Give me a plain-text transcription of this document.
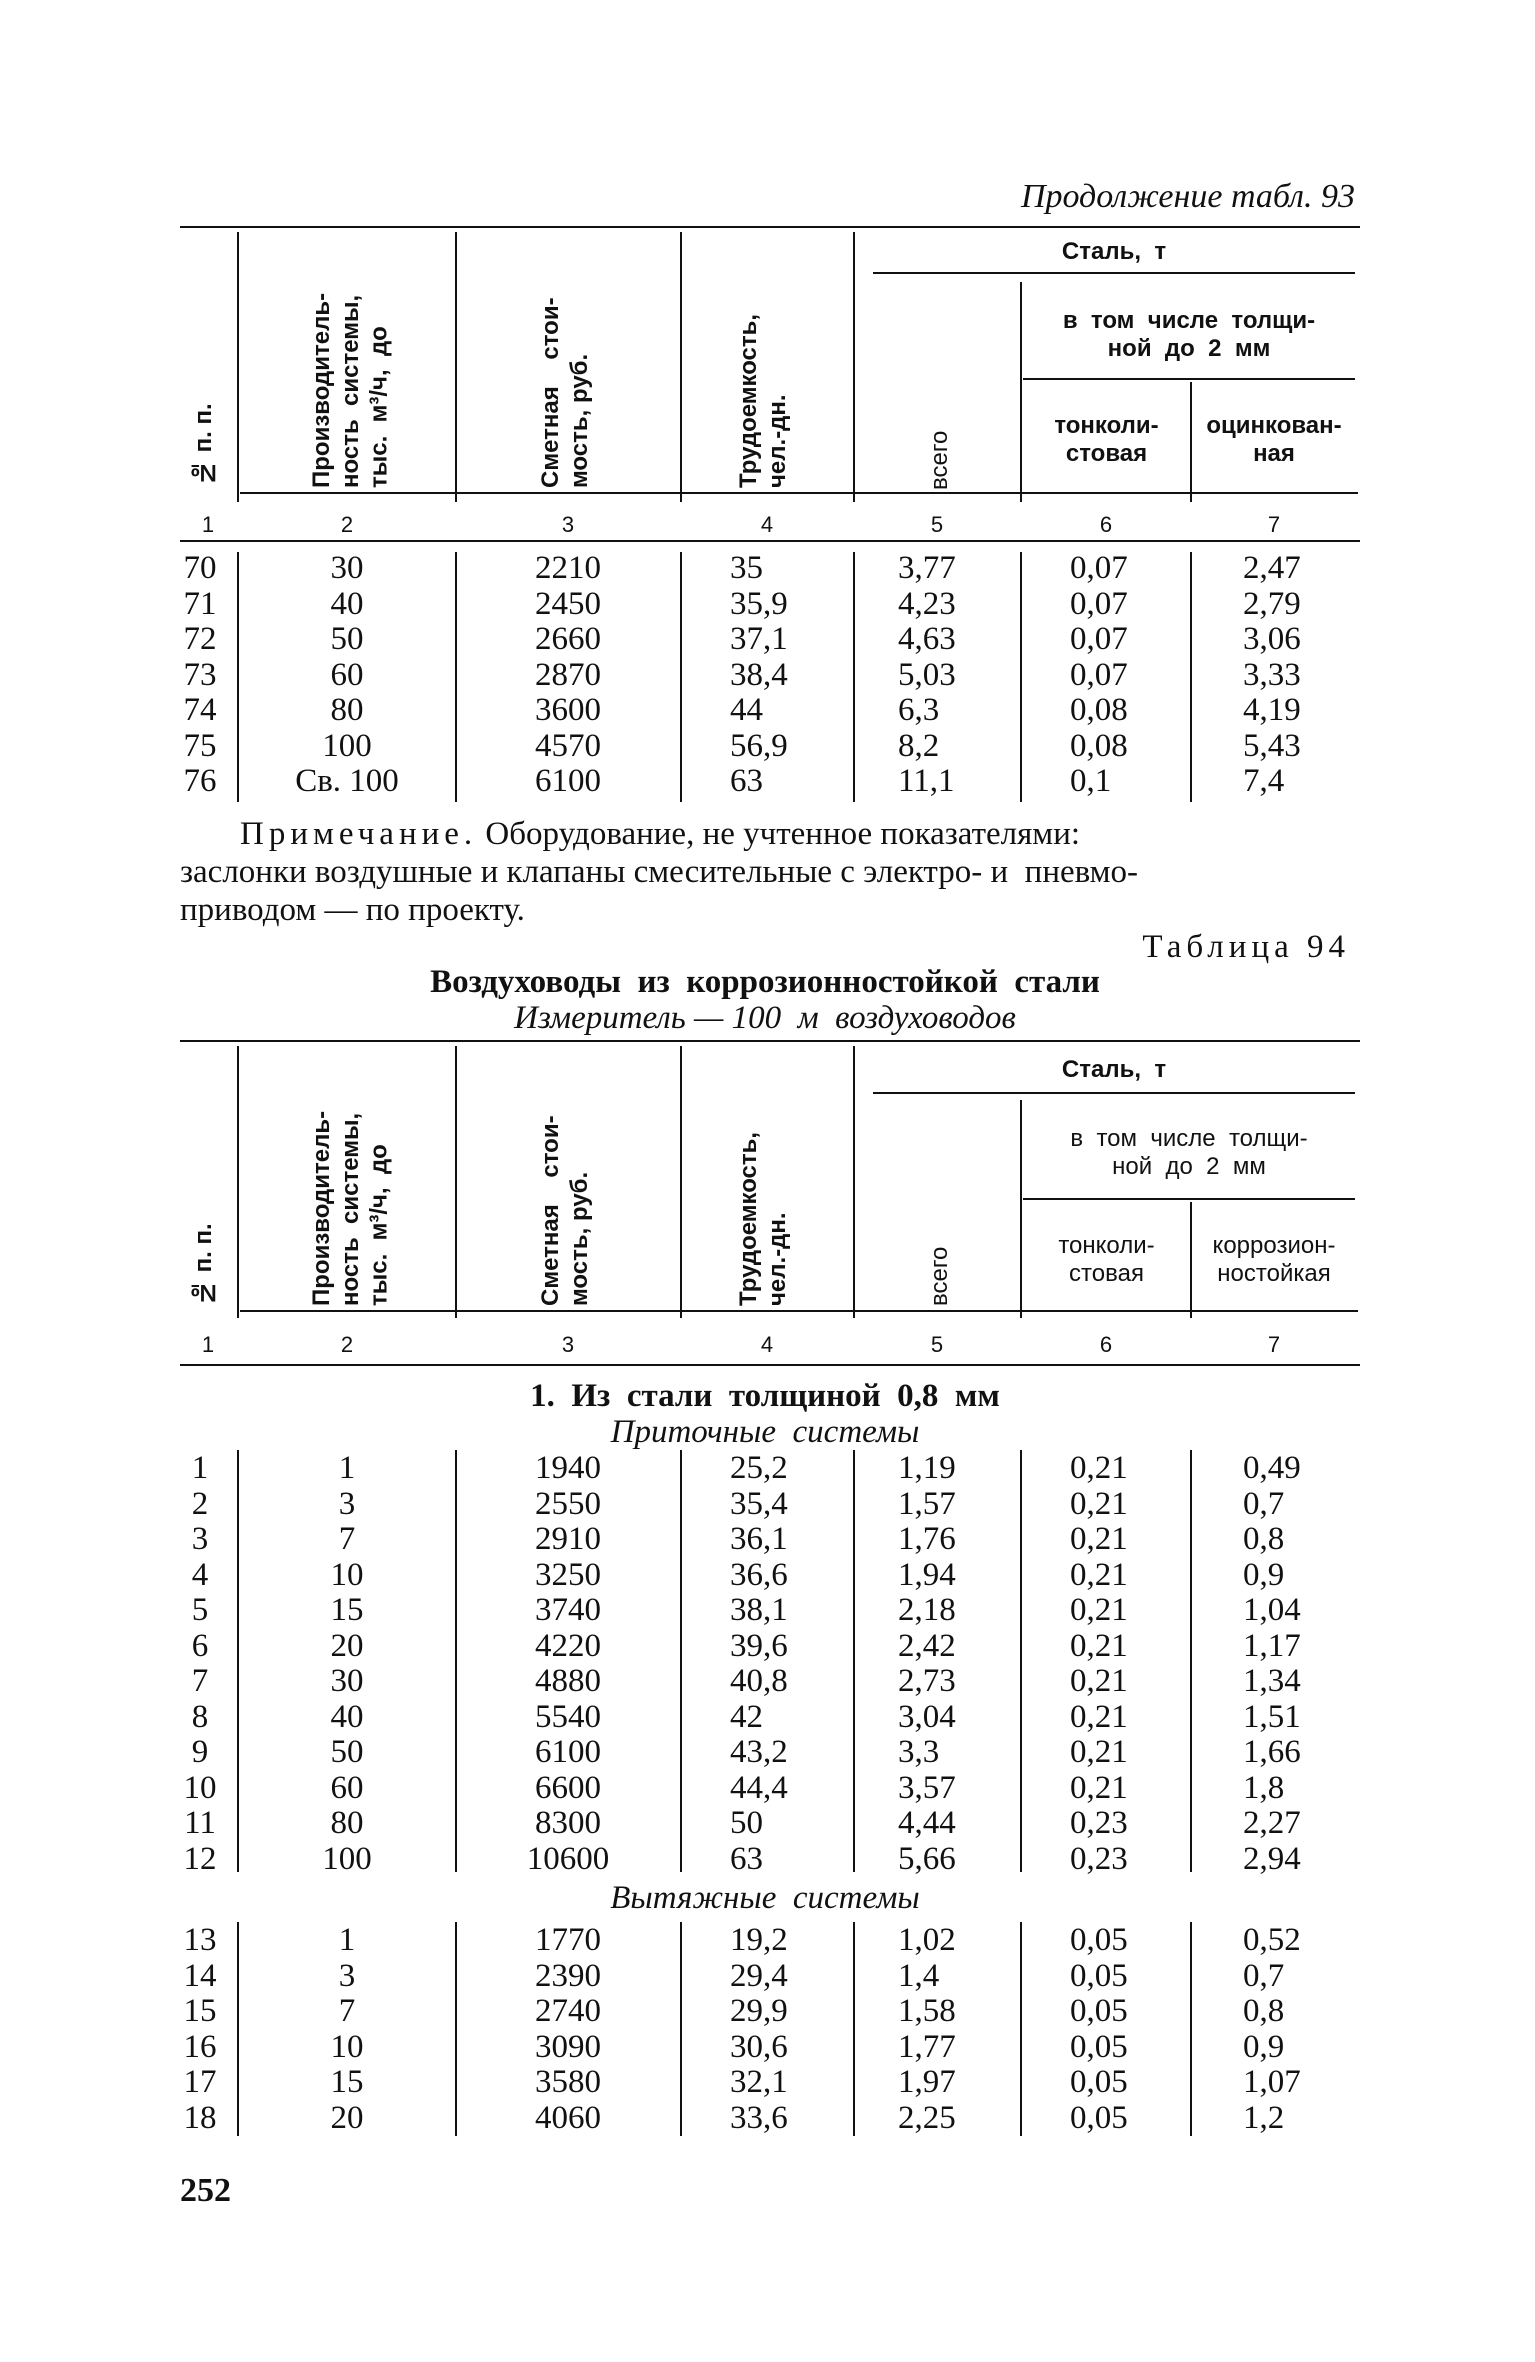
Продолжение табл. 93
№ п. п.	Производитель-
ность  системы,
тыс.  м³/ч,  до
Сметная    стои-
мость, руб.	Трудоемкость,
чел.-дн.
Сталь,  т
в  том  числе  толщи-
ной  до  2  мм
всего
тонколи-
стовая
оцинкован-
ная
1	2	3	4	5	6	7
70	30	2210	35	3,77	0,07	2,47
71	40	2450	35,9	4,23	0,07	2,79
72	50	2660	37,1	4,63	0,07	3,06
73	60	2870	38,4	5,03	0,07	3,33
74	80	3600	44	6,3	0,08	4,19
75	100	4570	56,9	8,2	0,08	5,43
76	Св. 100	6100	63	11,1	0,1	7,4
Примечание. Оборудование, не учтенное показателями:
заслонки воздушные и клапаны смесительные с электро- и  пневмо-
приводом — по проекту.
Таблица 94
Воздуховоды  из  коррозионностойкой  стали
Измеритель — 100  м  воздуховодов
№ п. п.	Производитель-
ность  системы,
тыс.  м³/ч,  до
Сметная    стои-
мость, руб.	Трудоемкость,
чел.-дн.
Сталь,  т
в  том  числе  толщи-
ной  до  2  мм
всего
тонколи-
стовая
коррозион-
ностойкая
1	2	3	4	5	6	7
1.  Из  стали  толщиной  0,8  мм
Приточные  системы
Вытяжные  системы
1	1	1940	25,2	1,19	0,21	0,49
2	3	2550	35,4	1,57	0,21	0,7
3	7	2910	36,1	1,76	0,21	0,8
4	10	3250	36,6	1,94	0,21	0,9
5	15	3740	38,1	2,18	0,21	1,04
6	20	4220	39,6	2,42	0,21	1,17
7	30	4880	40,8	2,73	0,21	1,34
8	40	5540	42	3,04	0,21	1,51
9	50	6100	43,2	3,3	0,21	1,66
10	60	6600	44,4	3,57	0,21	1,8
11	80	8300	50	4,44	0,23	2,27
12	100	10600	63	5,66	0,23	2,94
13	1	1770	19,2	1,02	0,05	0,52
14	3	2390	29,4	1,4	0,05	0,7
15	7	2740	29,9	1,58	0,05	0,8
16	10	3090	30,6	1,77	0,05	0,9
17	15	3580	32,1	1,97	0,05	1,07
18	20	4060	33,6	2,25	0,05	1,2
252
